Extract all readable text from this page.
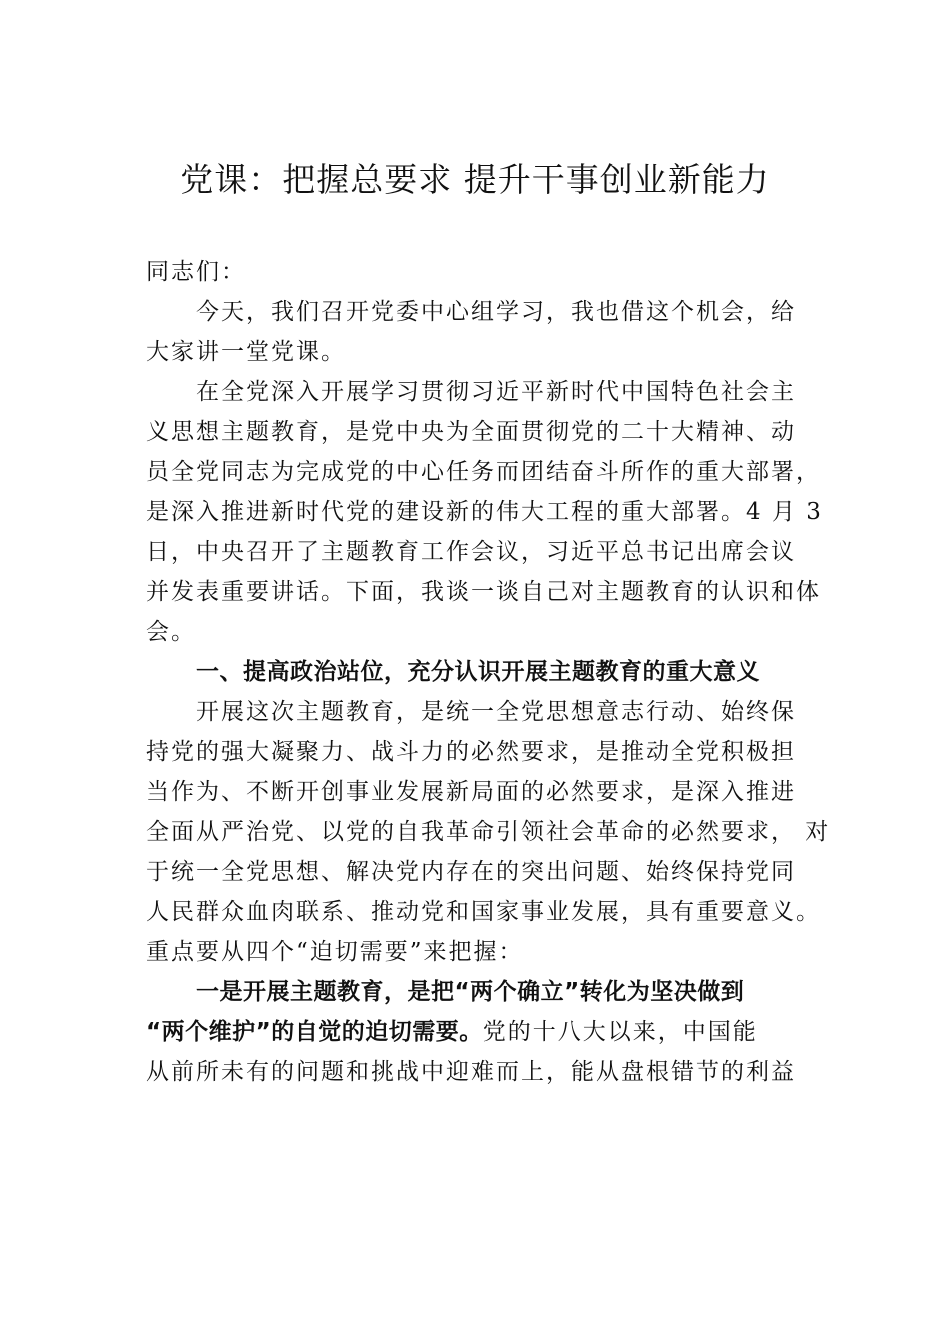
党课：把握总要求 提升干事创业新能力
同志们：
今天，我们召开党委中心组学习，我也借这个机会，给
大家讲一堂党课。
在全党深入开展学习贯彻习近平新时代中国特色社会主
义思想主题教育，是党中央为全面贯彻党的二十大精神、动
员全党同志为完成党的中心任务而团结奋斗所作的重大部署，
是深入推进新时代党的建设新的伟大工程的重大部署。4 月 3
日，中央召开了主题教育工作会议，习近平总书记出席会议
并发表重要讲话。下面，我谈一谈自己对主题教育的认识和体
会。
一、提高政治站位，充分认识开展主题教育的重大意义
开展这次主题教育，是统一全党思想意志行动、始终保
持党的强大凝聚力、战斗力的必然要求，是推动全党积极担
当作为、不断开创事业发展新局面的必然要求，是深入推进
全面从严治党、以党的自我革命引领社会革命的必然要求， 对
于统一全党思想、解决党内存在的突出问题、始终保持党同
人民群众血肉联系、推动党和国家事业发展，具有重要意义。
重点要从四个“迫切需要”来把握：
一是开展主题教育，是把“两个确立”转化为坚决做到
“两个维护”的自觉的迫切需要。党的十八大以来，中国能
从前所未有的问题和挑战中迎难而上，能从盘根错节的利益
